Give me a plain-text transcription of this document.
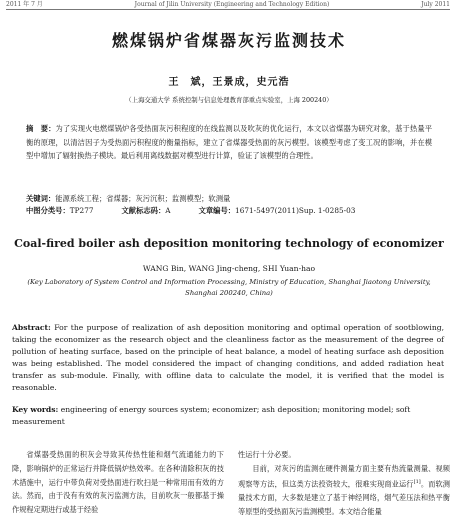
2011 年 7 月	Journal of Jilin University (Engineering and Technology Edition)	July 2011
燃煤锅炉省煤器灰污监测技术
王　斌，王景成，史元浩
（上海交通大学 系统控制与信息处理教育部重点实验室，上海 200240）
摘　要：为了实现火电燃煤锅炉各受热面灰污积程度的在线监测以及吹灰的优化运行，本文以省煤器为研究对象，基于热量平衡的原理，以清洁因子为受热面污积程度的衡量指标，建立了省煤器受热面的灰污模型。该模型考虑了变工况的影响，并在模型中增加了辐射换热子模块。最后利用离线数据对模型进行计算，验证了该模型的合理性。
关键词：能源系统工程；省煤器；灰污沉积；监测模型；软测量
中图分类号：TP277	文献标志码：A	文章编号：1671-5497(2011)Sup. 1-0285-03
Coal-fired boiler ash deposition monitoring technology of economizer
WANG Bin, WANG Jing-cheng, SHI Yuan-hao
(Key Laboratory of System Control and Information Processing, Ministry of Education, Shanghai Jiaotong University, Shanghai 200240, China)
Abstract: For the purpose of realization of ash deposition monitoring and optimal operation of sootblowing, taking the economizer as the research object and the cleanliness factor as the measurement of the degree of pollution of heating surface, based on the principle of heat balance, a model of heating surface ash deposition was being established. The model considered the impact of changing conditions, and added radiation heat transfer as sub-module. Finally, with offline data to calculate the model, it is verified that the model is reasonable.
Key words: engineering of energy sources system; economizer; ash deposition; monitoring model; soft measurement

省煤器受热面的积灰会导致其传热性能和烟气流通能力的下降，影响锅炉的正常运行并降低锅炉热效率。在各种清除积灰的技术措施中，运行中带负荷对受热面进行吹扫是一种常用而有效的方法。然而，由于没有有效的灰污监测方法，目前吹灰一般都基于操作规程定期进行或基于经验

性运行十分必要。

目前，对灰污的监测在硬件测量方面主要有热流量测量、视频观察等方法，但这类方法投资较大，很难实现商业运行[1]。而软测量技术方面，大多数是建立了基于神经网络，烟气差压法和热平衡等原型的受热面灰污监测模型。本文结合能量
